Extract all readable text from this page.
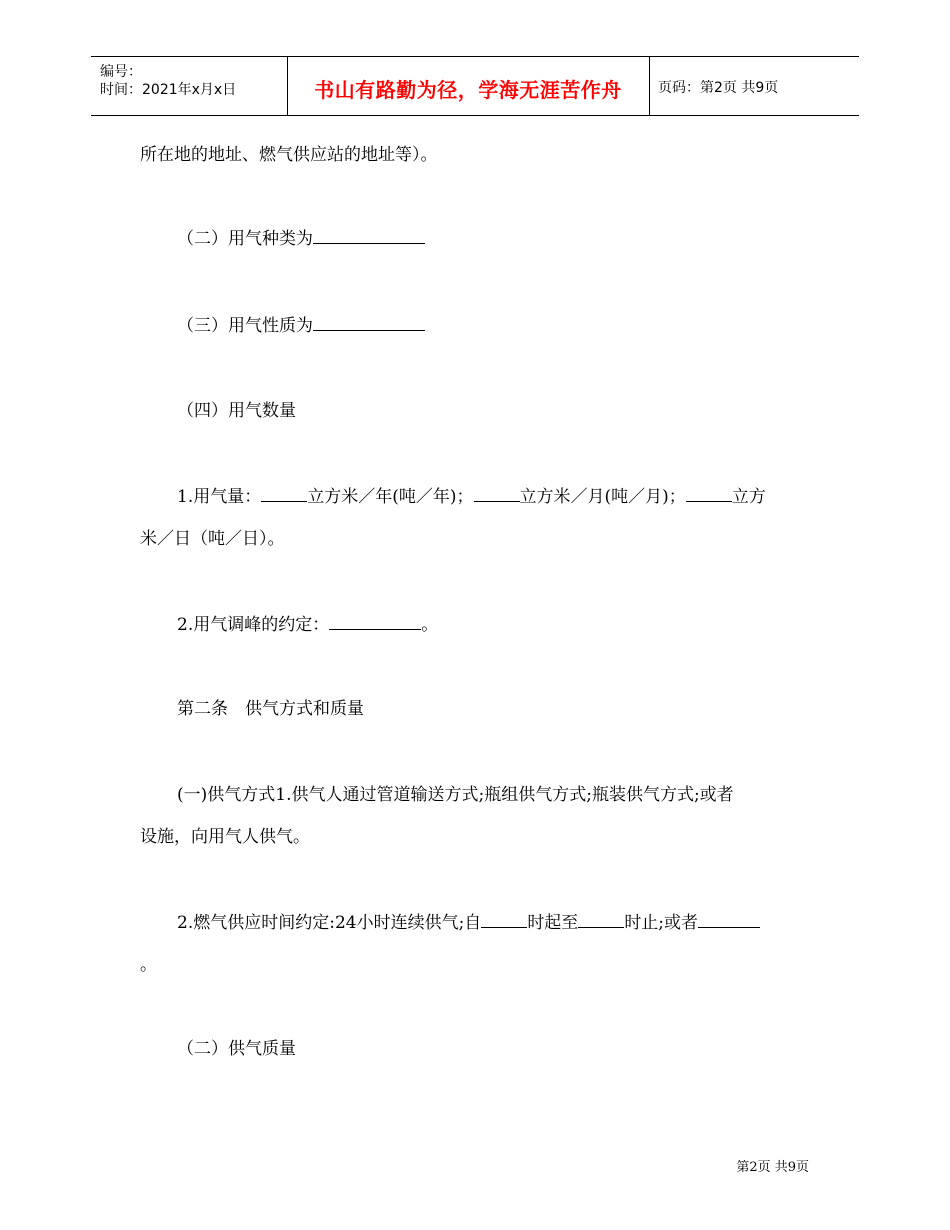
编号：
时间：2021年x月x日	书山有路勤为径，学海无涯苦作舟	页码：第2页 共9页
所在地的地址、燃气供应站的地址等）。
（二）用气种类为
（三）用气性质为
（四）用气数量
1.用气量：	立方米／年(吨／年)；	立方米／月(吨／月)；	立方
米／日（吨／日）。
2.用气调峰的约定：	。
第二条　供气方式和质量
(一)供气方式1.供气人通过管道输送方式;瓶组供气方式;瓶装供气方式;或者
设施，向用气人供气。
2.燃气供应时间约定:24小时连续供气;自	时起至	时止;或者
。
（二）供气质量
第2页 共9页
